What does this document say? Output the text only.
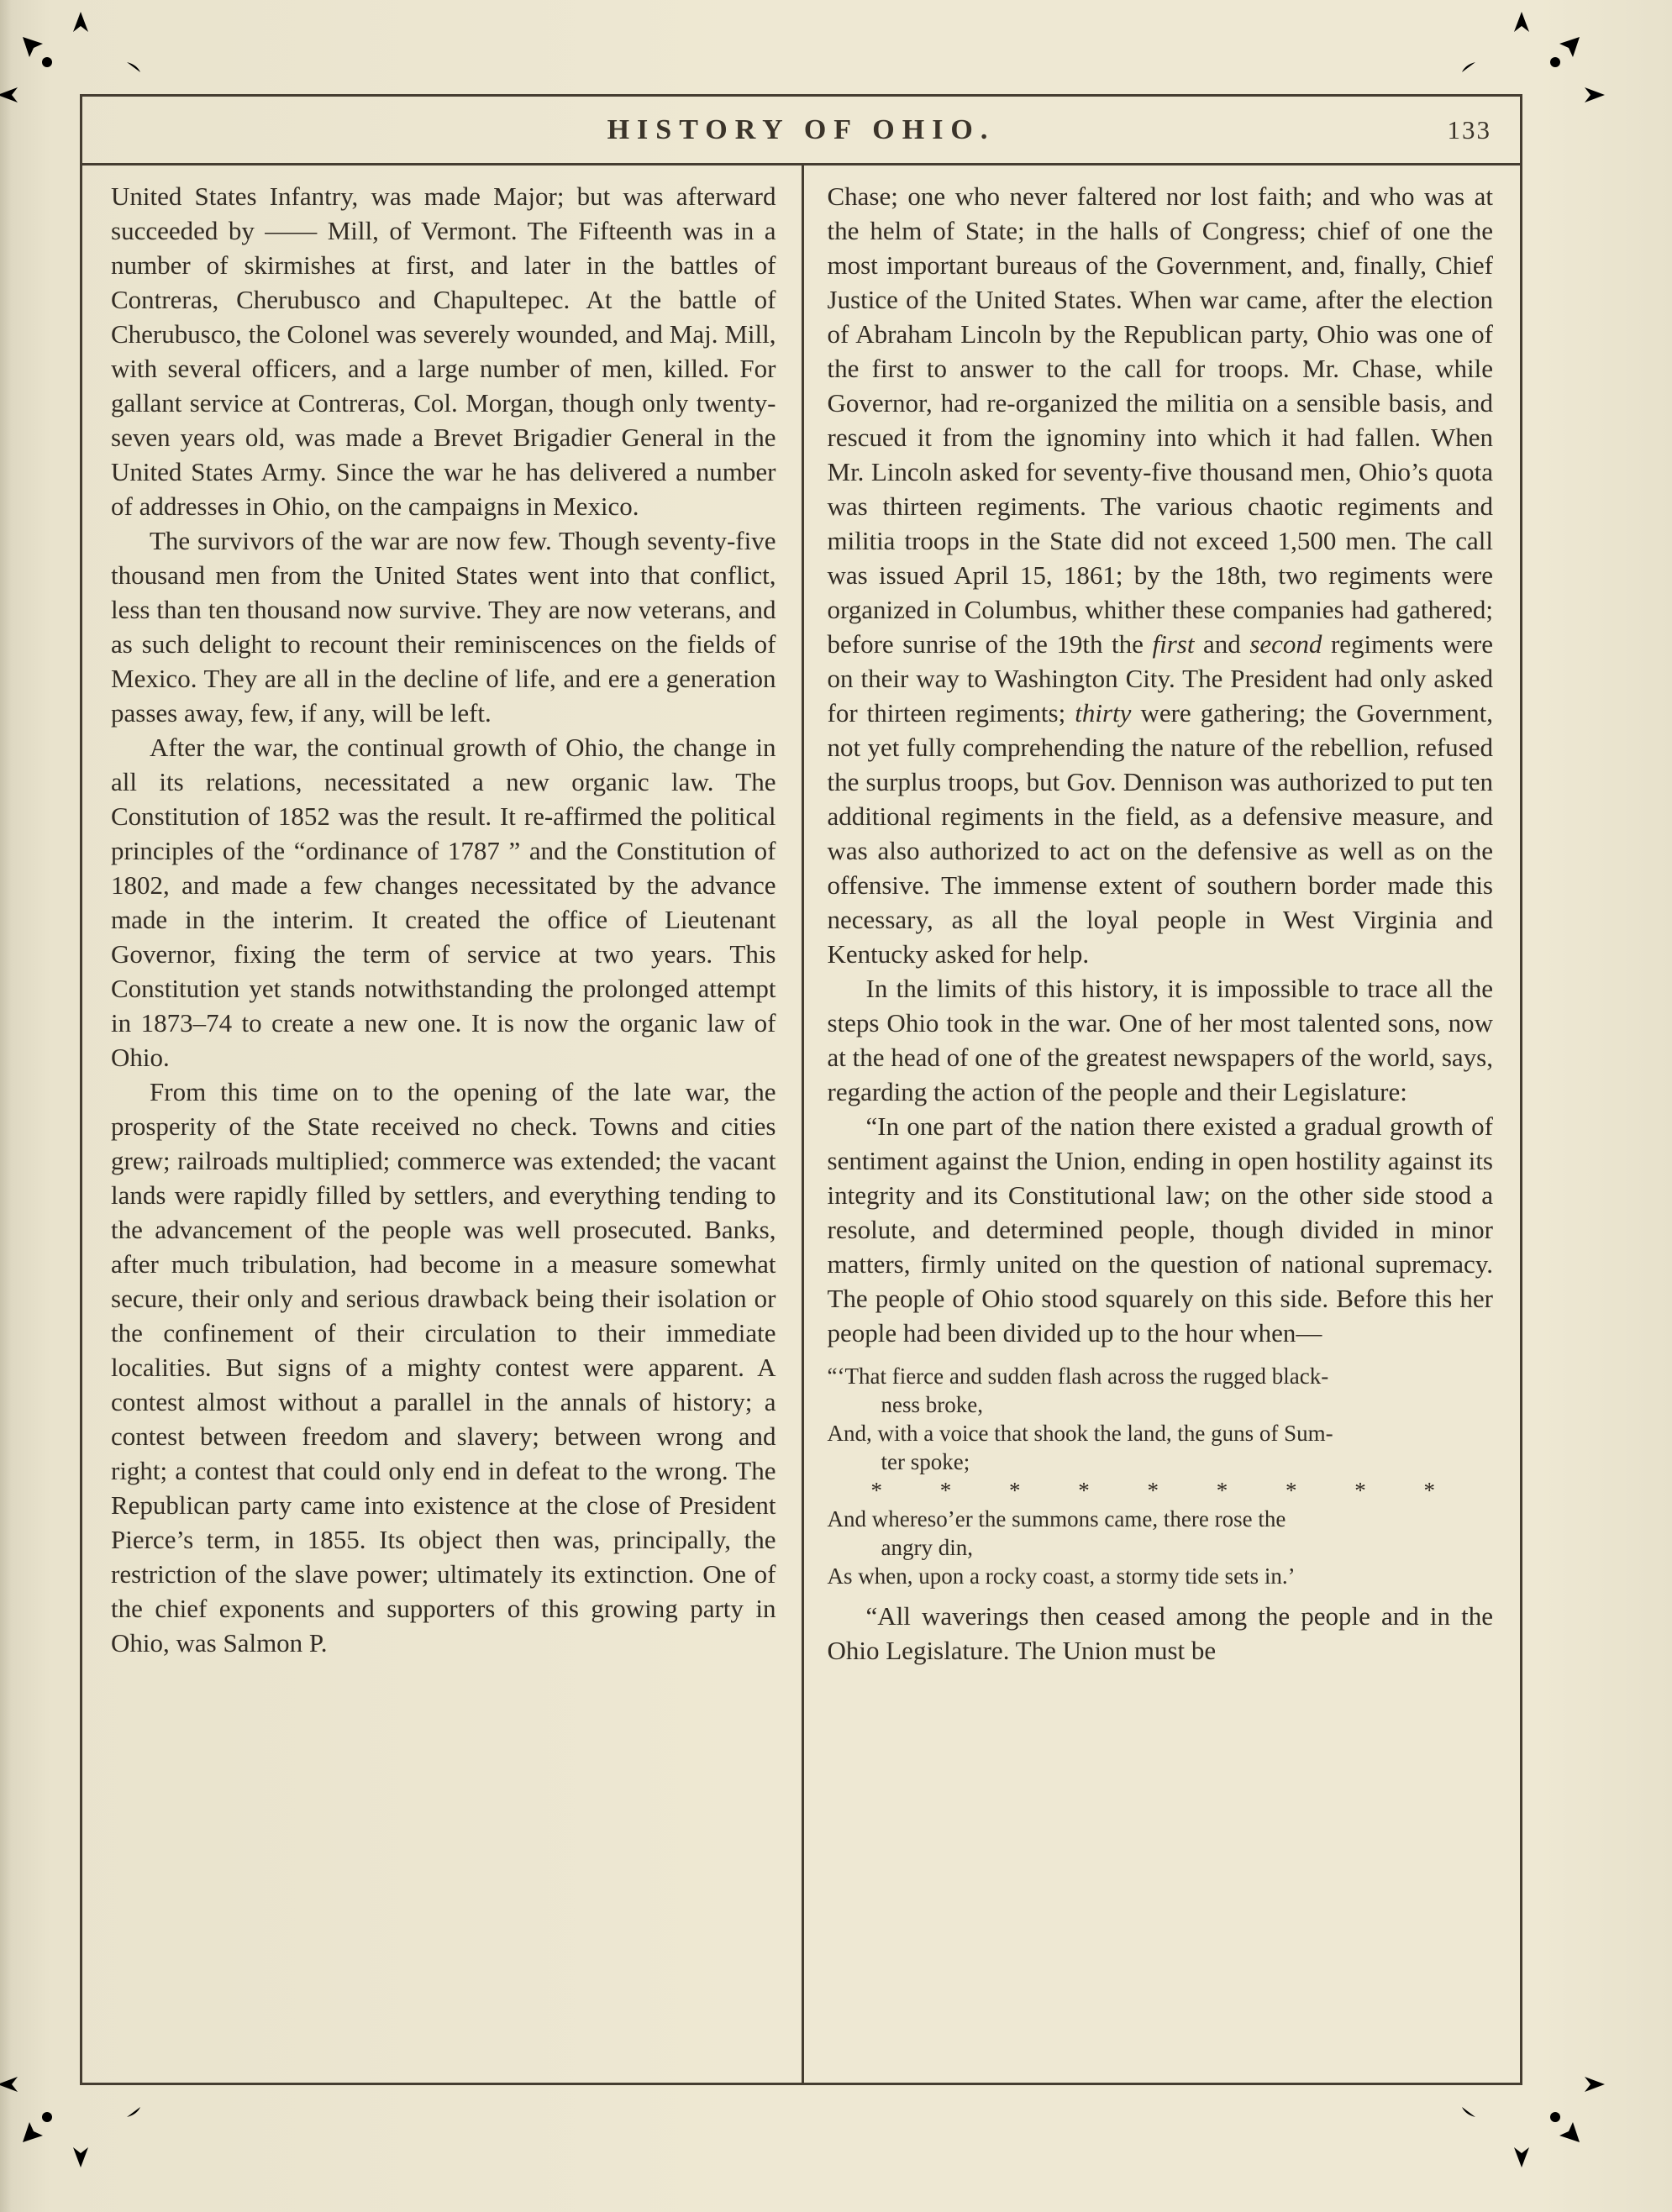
HISTORY OF OHIO.	133

United States Infantry, was made Major; but was afterward succeeded by —— Mill, of Vermont. The Fifteenth was in a number of skirmishes at first, and later in the battles of Contreras, Cherubusco and Chapultepec. At the battle of Cherubusco, the Colonel was severely wounded, and Maj. Mill, with several officers, and a large number of men, killed. For gallant service at Contreras, Col. Morgan, though only twenty-seven years old, was made a Brevet Brigadier General in the United States Army. Since the war he has delivered a number of addresses in Ohio, on the campaigns in Mexico.

The survivors of the war are now few. Though seventy-five thousand men from the United States went into that conflict, less than ten thousand now survive. They are now veterans, and as such delight to recount their reminiscences on the fields of Mexico. They are all in the decline of life, and ere a generation passes away, few, if any, will be left.

After the war, the continual growth of Ohio, the change in all its relations, necessitated a new organic law. The Constitution of 1852 was the result. It re-affirmed the political principles of the “ordinance of 1787 ” and the Constitution of 1802, and made a few changes necessitated by the advance made in the interim. It created the office of Lieutenant Governor, fixing the term of service at two years. This Constitution yet stands notwithstanding the prolonged attempt in 1873–74 to create a new one. It is now the organic law of Ohio.

From this time on to the opening of the late war, the prosperity of the State received no check. Towns and cities grew; railroads multiplied; commerce was extended; the vacant lands were rapidly filled by settlers, and everything tending to the advancement of the people was well prosecuted. Banks, after much tribulation, had become in a measure somewhat secure, their only and serious drawback being their isolation or the confinement of their circulation to their immediate localities. But signs of a mighty contest were apparent. A contest almost without a parallel in the annals of history; a contest between freedom and slavery; between wrong and right; a contest that could only end in defeat to the wrong. The Republican party came into existence at the close of President Pierce’s term, in 1855. Its object then was, principally, the restriction of the slave power; ultimately its extinction. One of the chief exponents and supporters of this growing party in Ohio, was Salmon P.

Chase; one who never faltered nor lost faith; and who was at the helm of State; in the halls of Congress; chief of one the most important bureaus of the Government, and, finally, Chief Justice of the United States. When war came, after the election of Abraham Lincoln by the Republican party, Ohio was one of the first to answer to the call for troops. Mr. Chase, while Governor, had re-organized the militia on a sensible basis, and rescued it from the ignominy into which it had fallen. When Mr. Lincoln asked for seventy-five thousand men, Ohio’s quota was thirteen regiments. The various chaotic regiments and militia troops in the State did not exceed 1,500 men. The call was issued April 15, 1861; by the 18th, two regiments were organized in Columbus, whither these companies had gathered; before sunrise of the 19th the first and second regiments were on their way to Washington City. The President had only asked for thirteen regiments; thirty were gathering; the Government, not yet fully comprehending the nature of the rebellion, refused the surplus troops, but Gov. Dennison was authorized to put ten additional regiments in the field, as a defensive measure, and was also authorized to act on the defensive as well as on the offensive. The immense extent of southern border made this necessary, as all the loyal people in West Virginia and Kentucky asked for help.

In the limits of this history, it is impossible to trace all the steps Ohio took in the war. One of her most talented sons, now at the head of one of the greatest newspapers of the world, says, regarding the action of the people and their Legislature:

“In one part of the nation there existed a gradual growth of sentiment against the Union, ending in open hostility against its integrity and its Constitutional law; on the other side stood a resolute, and determined people, though divided in minor matters, firmly united on the question of national supremacy. The people of Ohio stood squarely on this side. Before this her people had been divided up to the hour when—

“‘That fierce and sudden flash across the rugged black-
ness broke,
And, with a voice that shook the land, the guns of Sum-
ter spoke;
* * * * * * * * *
And whereso’er the summons came, there rose the
angry din,
As when, upon a rocky coast, a stormy tide sets in.’

“All waverings then ceased among the people and in the Ohio Legislature. The Union must be
